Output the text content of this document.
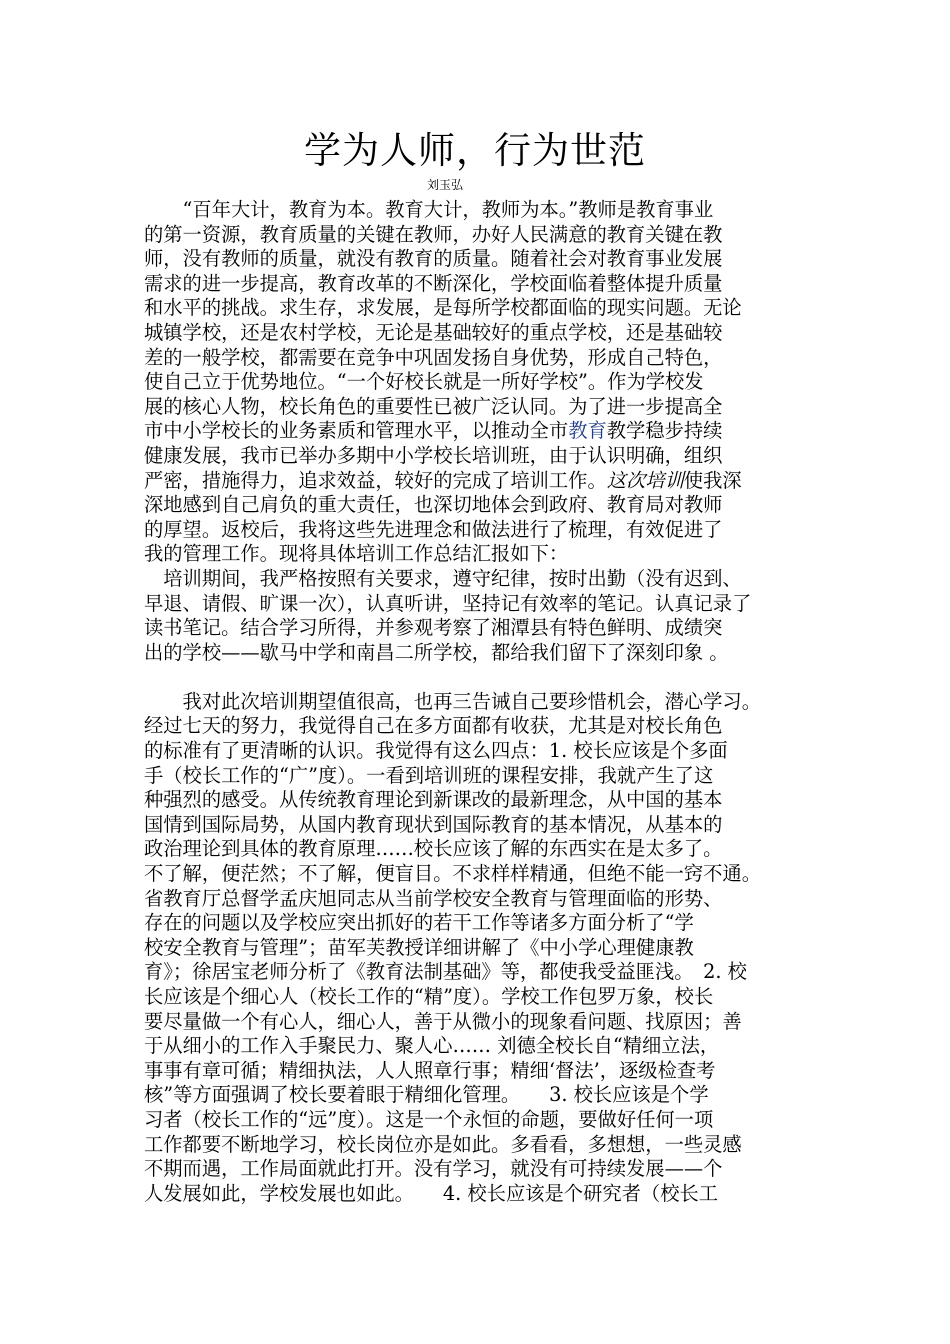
学为人师，行为世范
刘玉弘
　　“百年大计，教育为本。教育大计，教师为本。”教师是教育事业
的第一资源，教育质量的关键在教师，办好人民满意的教育关键在教
师，没有教师的质量，就没有教育的质量。随着社会对教育事业发展
需求的进一步提高，教育改革的不断深化，学校面临着整体提升质量
和水平的挑战。求生存，求发展，是每所学校都面临的现实问题。无论
城镇学校，还是农村学校，无论是基础较好的重点学校，还是基础较
差的一般学校，都需要在竞争中巩固发扬自身优势，形成自己特色，
使自己立于优势地位。“一个好校长就是一所好学校”。作为学校发
展的核心人物，校长角色的重要性已被广泛认同。为了进一步提高全
市中小学校长的业务素质和管理水平，以推动全市教育教学稳步持续
健康发展，我市已举办多期中小学校长培训班，由于认识明确，组织
严密，措施得力，追求效益，较好的完成了培训工作。这次培训使我深
深地感到自己肩负的重大责任，也深切地体会到政府、教育局对教师
的厚望。返校后，我将这些先进理念和做法进行了梳理，有效促进了
我的管理工作。现将具体培训工作总结汇报如下：
　培训期间，我严格按照有关要求，遵守纪律，按时出勤（没有迟到、
早退、请假、旷课一次），认真听讲，坚持记有效率的笔记。认真记录了
读书笔记。结合学习所得，并参观考察了湘潭县有特色鲜明、成绩突
出的学校——歇马中学和南昌二所学校，都给我们留下了深刻印象 。
　　我对此次培训期望值很高，也再三告诫自己要珍惜机会，潜心学习。
经过七天的努力，我觉得自己在多方面都有收获，尤其是对校长角色
的标准有了更清晰的认识。我觉得有这么四点：1. 校长应该是个多面
手（校长工作的“广”度）。一看到培训班的课程安排，我就产生了这
种强烈的感受。从传统教育理论到新课改的最新理念，从中国的基本
国情到国际局势，从国内教育现状到国际教育的基本情况，从基本的
政治理论到具体的教育原理……校长应该了解的东西实在是太多了。
不了解，便茫然；不了解，便盲目。不求样样精通，但绝不能一窍不通。
省教育厅总督学孟庆旭同志从当前学校安全教育与管理面临的形势、
存在的问题以及学校应突出抓好的若干工作等诸多方面分析了“学
校安全教育与管理”；苗军芙教授详细讲解了《中小学心理健康教
育》；徐居宝老师分析了《教育法制基础》等，都使我受益匪浅。　2. 校
长应该是个细心人（校长工作的“精”度）。学校工作包罗万象，校长
要尽量做一个有心人，细心人，善于从微小的现象看问题、找原因；善
于从细小的工作入手聚民力、聚人心…… 刘德全校长自“精细立法，
事事有章可循；精细执法，人人照章行事；精细‘督法’，逐级检查考
核”等方面强调了校长要着眼于精细化管理。　　3. 校长应该是个学
习者（校长工作的“远”度）。这是一个永恒的命题，要做好任何一项
工作都要不断地学习，校长岗位亦是如此。多看看，多想想，一些灵感
不期而遇，工作局面就此打开。没有学习，就没有可持续发展——个
人发展如此，学校发展也如此。　　4. 校长应该是个研究者（校长工
